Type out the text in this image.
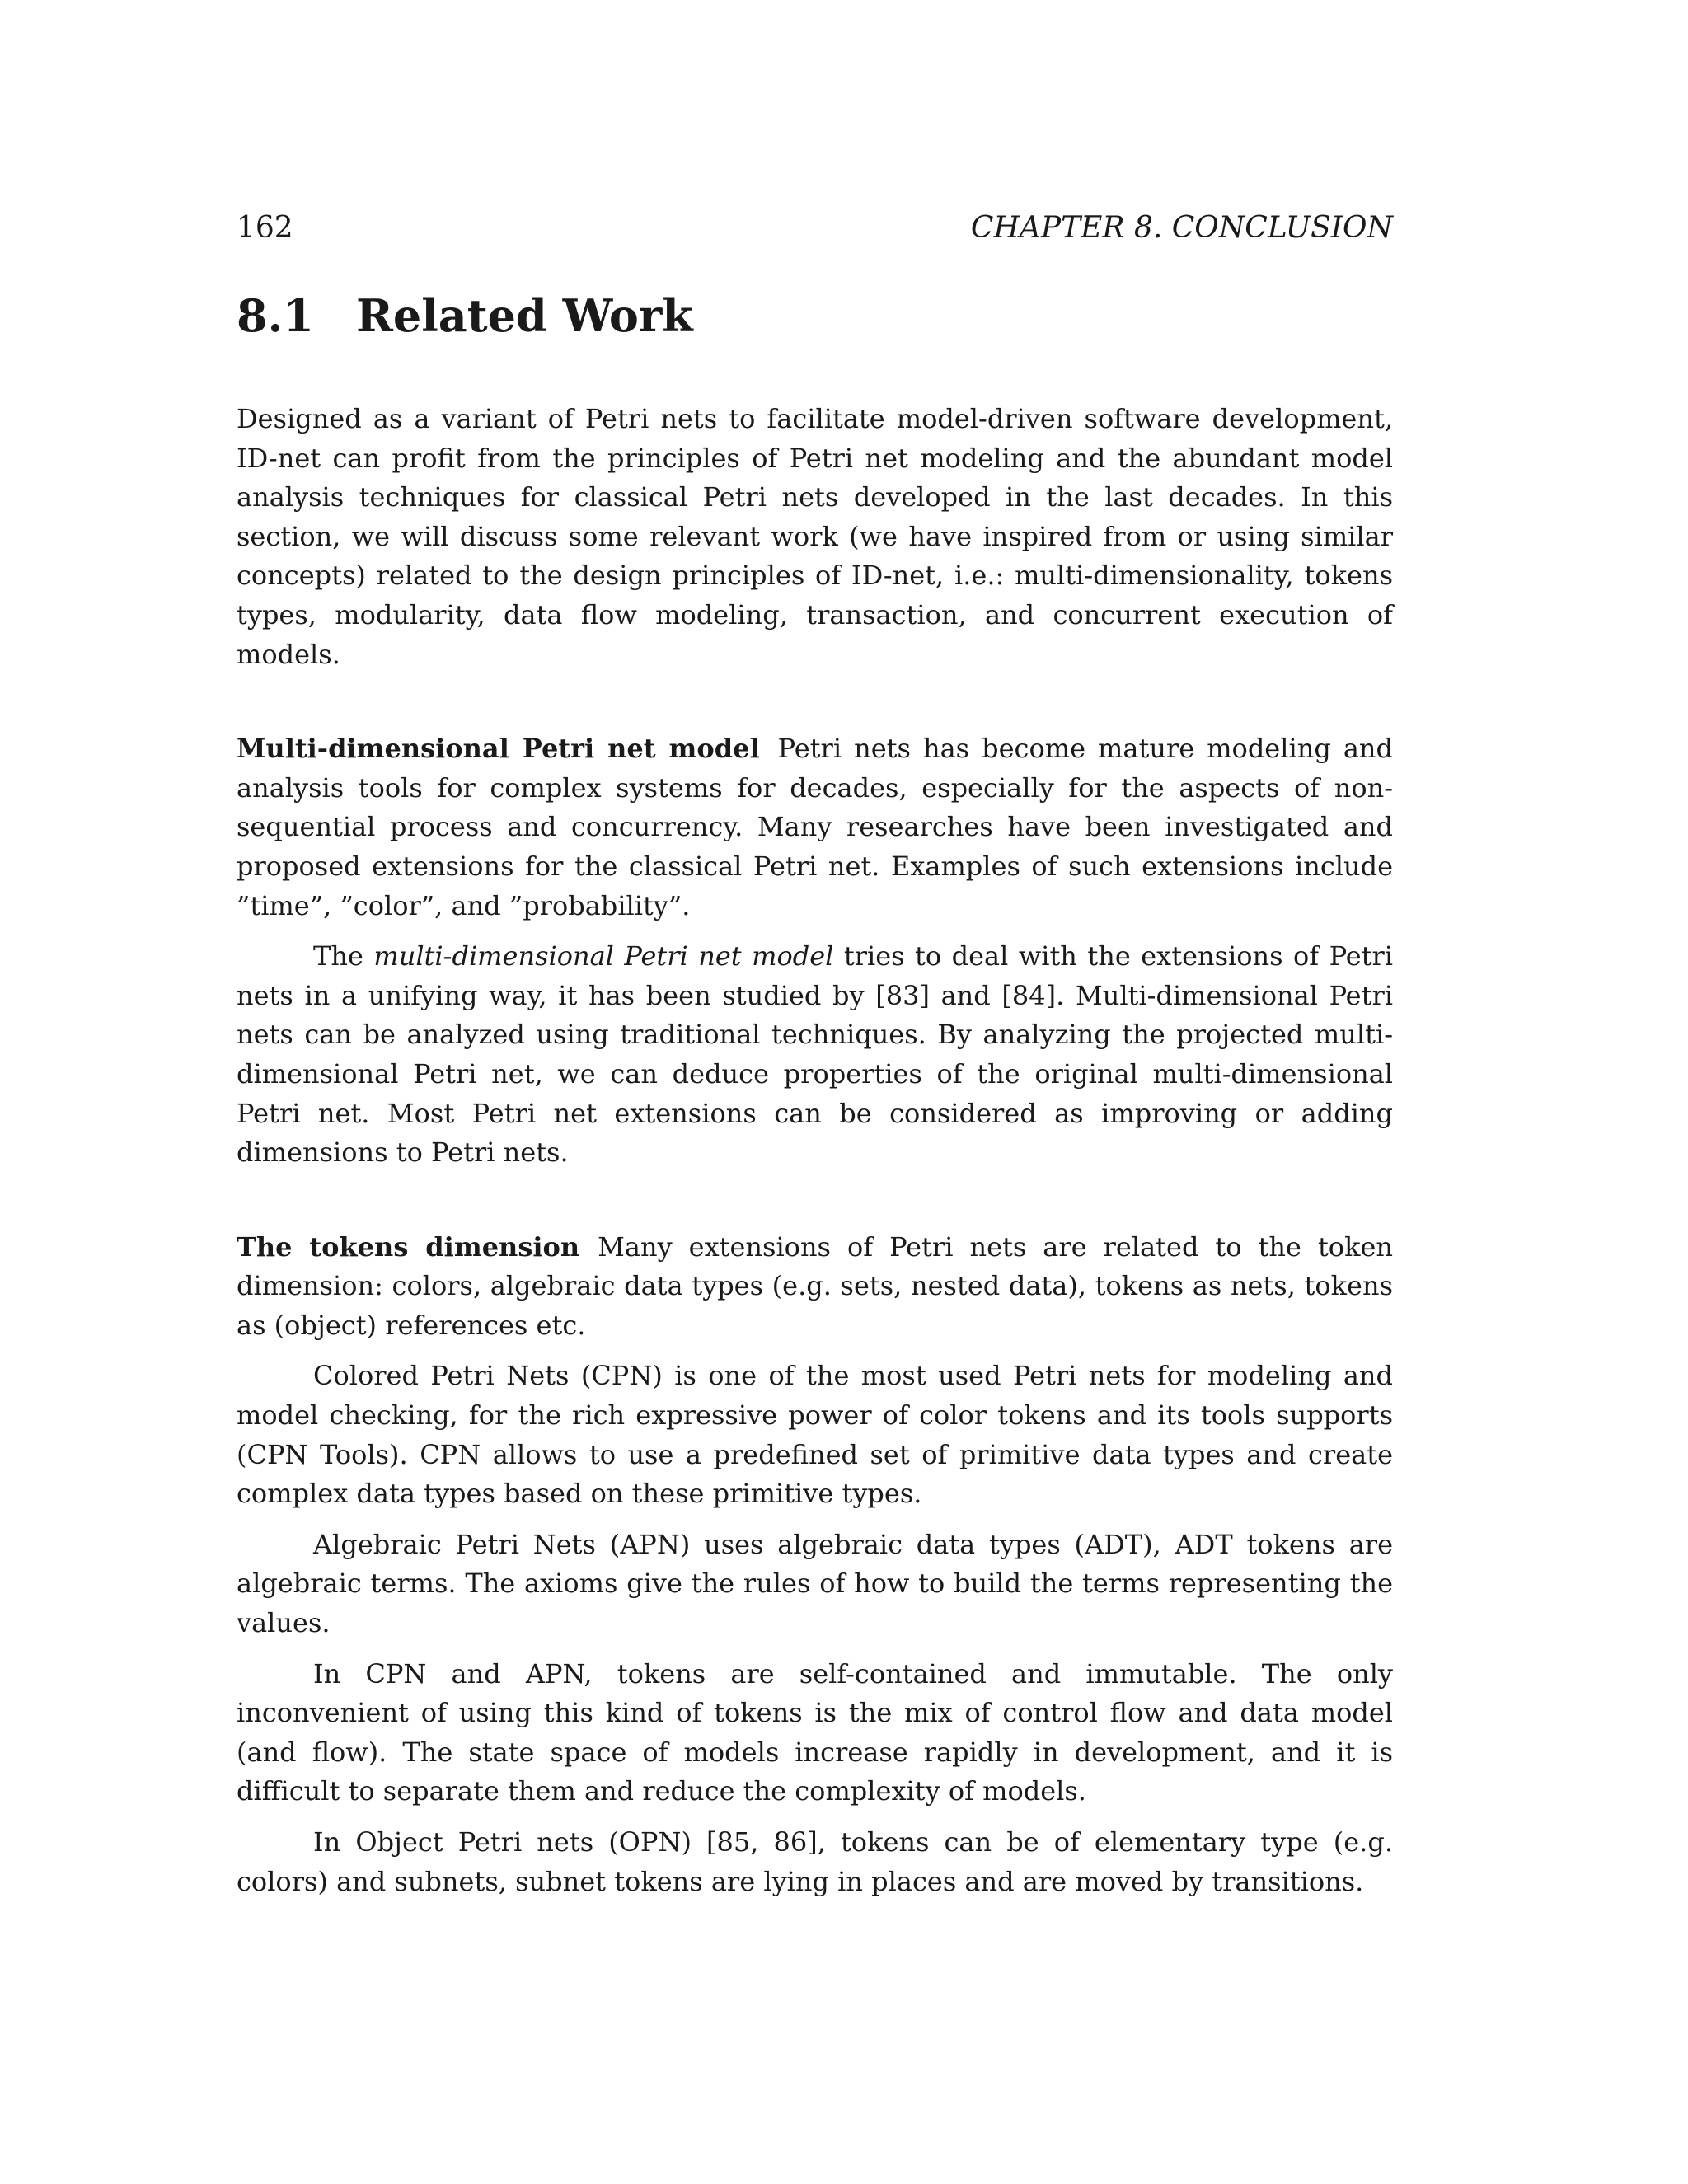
162	CHAPTER 8. CONCLUSION
8.1 Related Work

Designed as a variant of Petri nets to facilitate model-driven software development, ID-net can profit from the principles of Petri net modeling and the abundant model analysis techniques for classical Petri nets developed in the last decades. In this section, we will discuss some relevant work (we have inspired from or using similar concepts) related to the design principles of ID-net, i.e.: multi-dimensionality, tokens types, modularity, data flow modeling, transaction, and concurrent execution of models.

Multi-dimensional Petri net model Petri nets has become mature modeling and analysis tools for complex systems for decades, especially for the aspects of non-sequential process and concurrency. Many researches have been investigated and proposed extensions for the classical Petri net. Examples of such extensions include ”time”, ”color”, and ”probability”.

The multi-dimensional Petri net model tries to deal with the extensions of Petri nets in a unifying way, it has been studied by [83] and [84]. Multi-dimensional Petri nets can be analyzed using traditional techniques. By analyzing the projected multi-dimensional Petri net, we can deduce properties of the original multi-dimensional Petri net. Most Petri net extensions can be considered as improving or adding dimensions to Petri nets.

The tokens dimension Many extensions of Petri nets are related to the token dimension: colors, algebraic data types (e.g. sets, nested data), tokens as nets, tokens as (object) references etc.

Colored Petri Nets (CPN) is one of the most used Petri nets for modeling and model checking, for the rich expressive power of color tokens and its tools supports (CPN Tools). CPN allows to use a predefined set of primitive data types and create complex data types based on these primitive types.

Algebraic Petri Nets (APN) uses algebraic data types (ADT), ADT tokens are algebraic terms. The axioms give the rules of how to build the terms representing the values.

In CPN and APN, tokens are self-contained and immutable. The only inconvenient of using this kind of tokens is the mix of control flow and data model (and flow). The state space of models increase rapidly in development, and it is difficult to separate them and reduce the complexity of models.

In Object Petri nets (OPN) [85, 86], tokens can be of elementary type (e.g. colors) and subnets, subnet tokens are lying in places and are moved by transitions.
